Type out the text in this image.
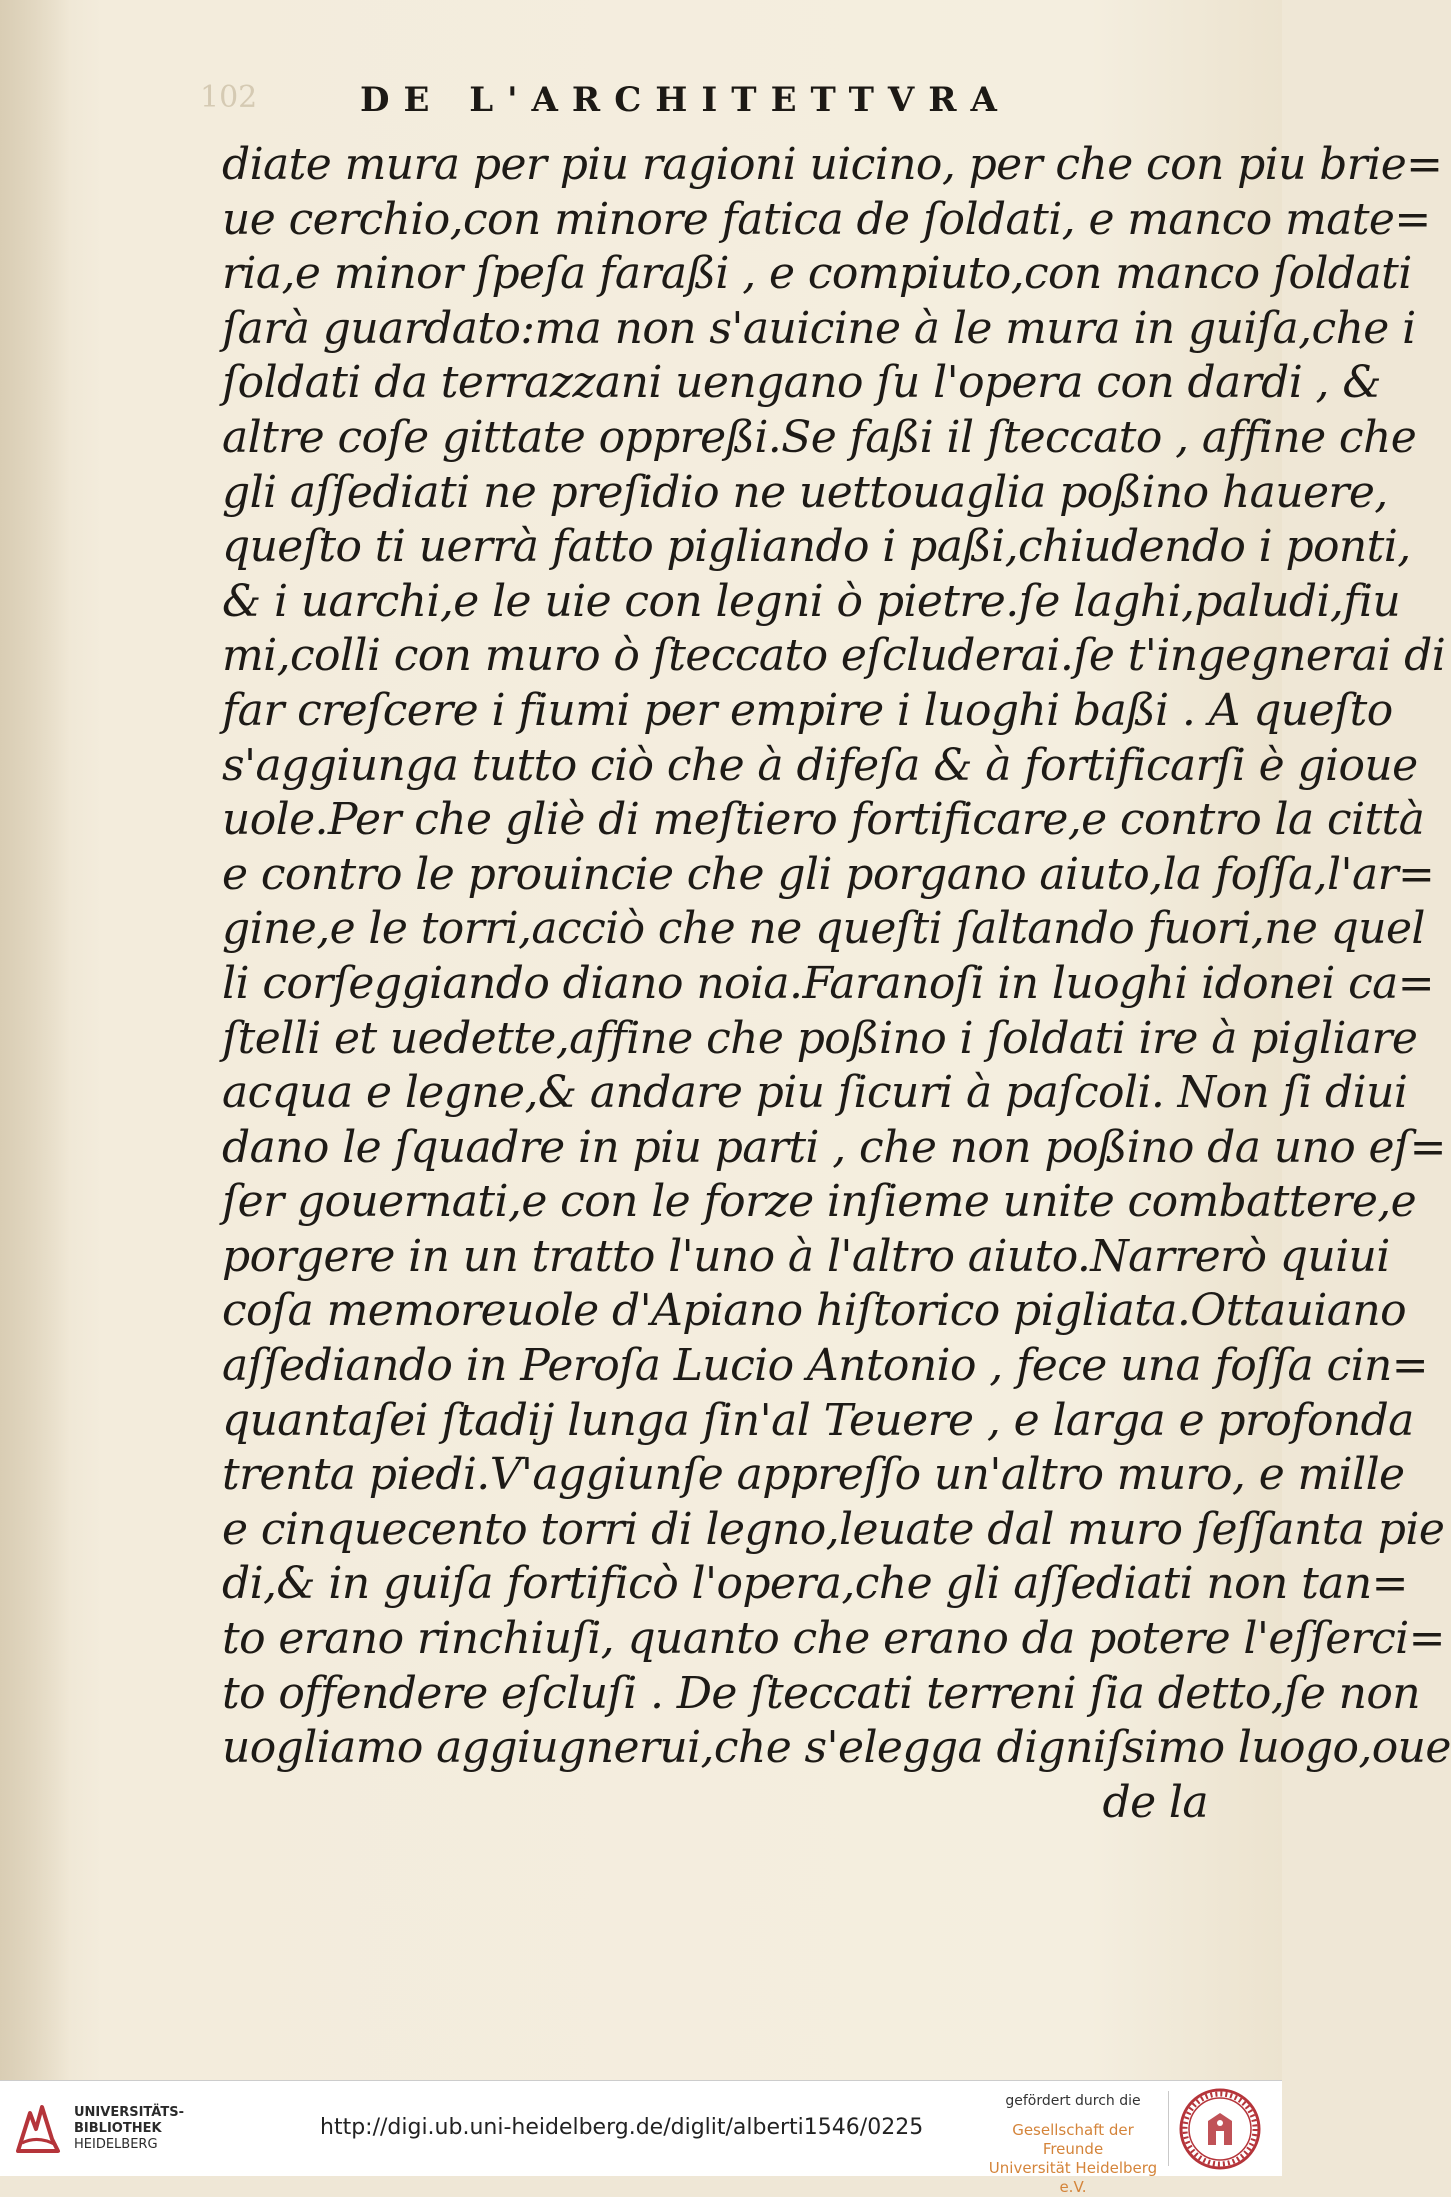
102	DE L'ARCHITETTVRA
diate mura per piu ragioni uicino, per che con piu brie=
ue cerchio,con minore fatica de ſoldati, e manco mate=
ria,e minor ſpeſa faraßi , e compiuto,con manco ſoldati
ſarà guardato:ma non s'auicine à le mura in guiſa,che i
ſoldati da terrazzani uengano ſu l'opera con dardi , &
altre coſe gittate oppreßi.Se faßi il ſteccato , affine che
gli aſſediati ne preſidio ne uettouaglia poßino hauere,
queſto ti uerrà fatto pigliando i paßi,chiudendo i ponti,
& i uarchi,e le uie con legni ò pietre.ſe laghi,paludi,fiu
mi,colli con muro ò ſteccato eſcluderai.ſe t'ingegnerai di
far creſcere i fiumi per empire i luoghi baßi . A queſto
s'aggiunga tutto ciò che à difeſa & à fortificarſi è gioue
uole.Per che gliè di meſtiero fortificare,e contro la città
e contro le prouincie che gli porgano aiuto,la foſſa,l'ar=
gine,e le torri,acciò che ne queſti ſaltando fuori,ne quel
li corſeggiando diano noia.Faranoſi in luoghi idonei ca=
ſtelli et uedette,affine che poßino i ſoldati ire à pigliare
acqua e legne,& andare piu ſicuri à paſcoli. Non ſi diui
dano le ſquadre in piu parti , che non poßino da uno eſ=
ſer gouernati,e con le forze inſieme unite combattere,e
porgere in un tratto l'uno à l'altro aiuto.Narrerò quiui
coſa memoreuole d'Apiano hiſtorico pigliata.Ottauiano
aſſediando in Peroſa Lucio Antonio , fece una foſſa cin=
quantaſei ſtadij lunga ſin'al Teuere , e larga e profonda
trenta piedi.V'aggiunſe appreſſo un'altro muro, e mille
e cinquecento torri di legno,leuate dal muro ſeſſanta pie
di,& in guiſa fortificò l'opera,che gli aſſediati non tan=
to erano rinchiuſi, quanto che erano da potere l'eſſerci=
to offendere eſcluſi . De ſteccati terreni ſia detto,ſe non
uogliamo aggiugnerui,che s'elegga digniſsimo luogo,oue
de la
UNIVERSITÄTS-
BIBLIOTHEK
HEIDELBERG
http://digi.ub.uni-heidelberg.de/diglit/alberti1546/0225
gefördert durch die
Gesellschaft der Freunde
Universität Heidelberg e.V.
